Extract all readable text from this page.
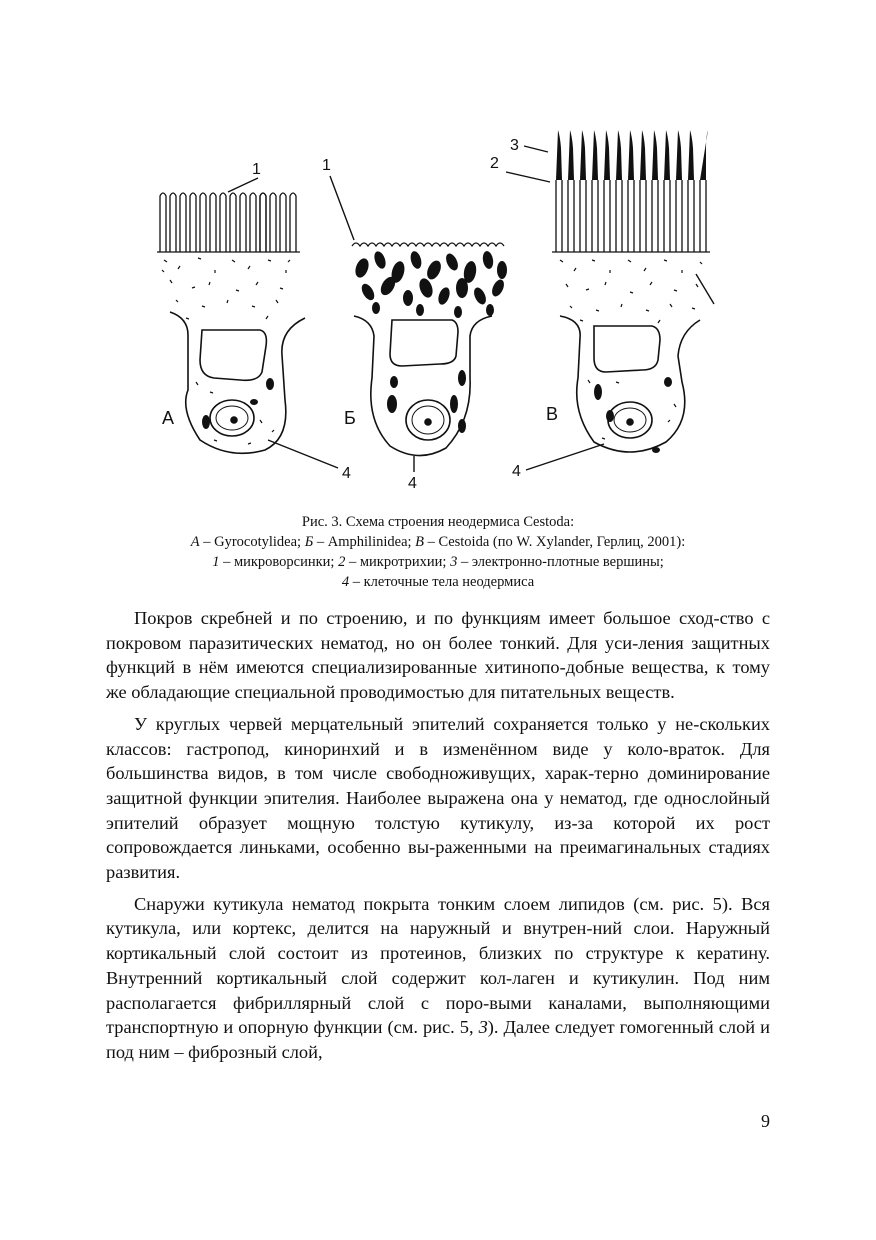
А
1
4
Б
1
4
В
3
2
4
Рис. 3. Схема строения неодермиса Cestoda:
А – Gyrocotylidea; Б – Amphilinidea; В – Cestoida (по W. Xylander, Герлиц, 2001):
1 – микроворсинки; 2 – микротрихии; 3 – электронно-плотные вершины;
4 – клеточные тела неодермиса

Покров скребней и по строению, и по функциям имеет большое сход-ство с покровом паразитических нематод, но он более тонкий. Для уси-ления защитных функций в нём имеются специализированные хитинопо-добные вещества, к тому же обладающие специальной проводимостью для питательных веществ.

У круглых червей мерцательный эпителий сохраняется только у не-скольких классов: гастропод, киноринхий и в изменённом виде у коло-враток. Для большинства видов, в том числе свободноживущих, харак-терно доминирование защитной функции эпителия. Наиболее выражена она у нематод, где однослойный эпителий образует мощную толстую кутикулу, из-за которой их рост сопровождается линьками, особенно вы-раженными на преимагинальных стадиях развития.

Снаружи кутикула нематод покрыта тонким слоем липидов (см. рис. 5). Вся кутикула, или кортекс, делится на наружный и внутрен-ний слои. Наружный кортикальный слой состоит из протеинов, близких по структуре к кератину. Внутренний кортикальный слой содержит кол-лаген и кутикулин. Под ним располагается фибриллярный слой с поро-выми каналами, выполняющими транспортную и опорную функции (см. рис. 5, 3). Далее следует гомогенный слой и под ним – фиброзный слой,

9
